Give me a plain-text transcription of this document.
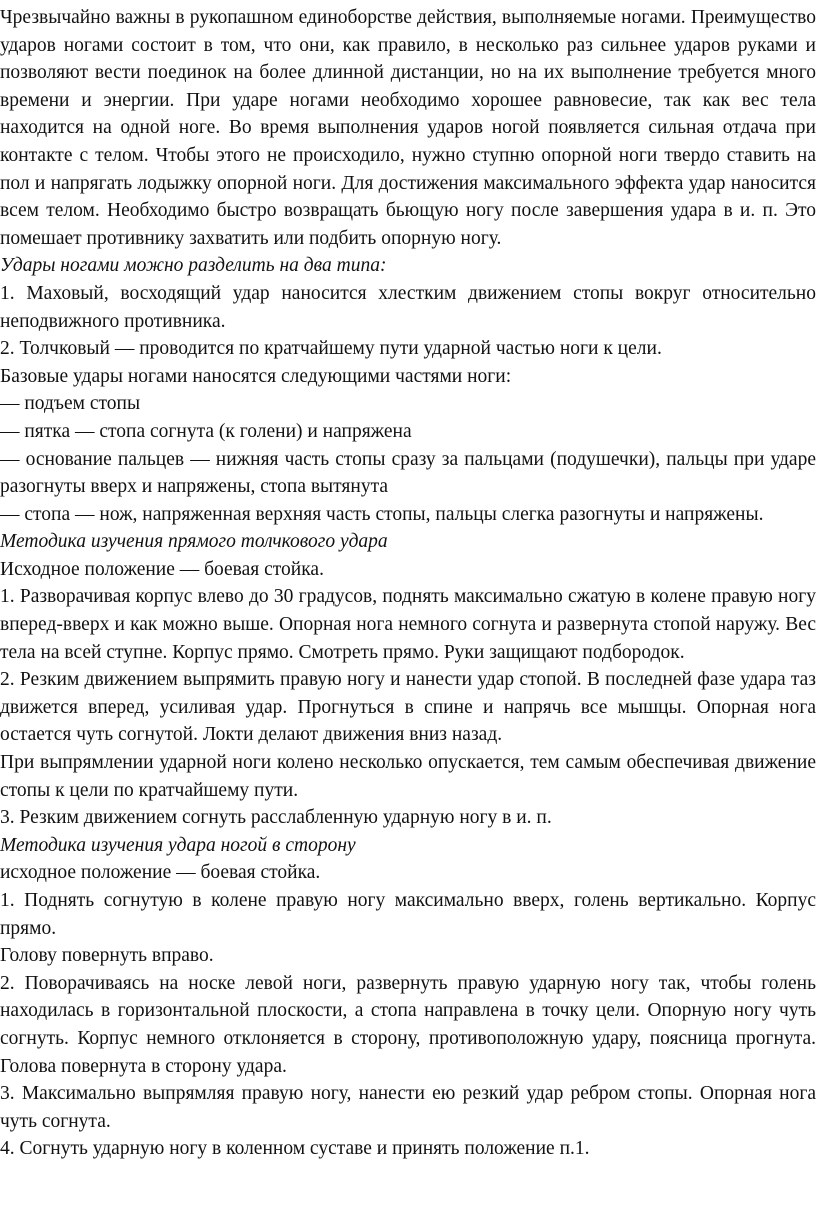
Чрезвычайно важны в рукопашном единоборстве действия, выполняемые ногами. Преимущество ударов ногами состоит в том, что они, как правило, в несколько раз сильнее ударов руками и позволяют вести поединок на более длинной дистанции, но на их выполнение требуется много времени и энергии. При ударе ногами необходимо хорошее равновесие, так как вес тела находится на одной ноге. Во время выполнения ударов ногой появляется сильная отдача при контакте с телом. Чтобы этого не происходило, нужно ступню опорной ноги твердо ставить на пол и напрягать лодыжку опорной ноги. Для достижения максимального эффекта удар наносится всем телом. Необходимо быстро возвращать бьющую ногу после завершения удара в и. п. Это помешает противнику захватить или подбить опорную ногу.

Удары ногами можно разделить на два типа:

1. Маховый, восходящий удар наносится хлестким движением стопы вокруг относительно неподвижного противника.

2. Толчковый — проводится по кратчайшему пути ударной частью ноги к цели.

Базовые удары ногами наносятся следующими частями ноги:

— подъем стопы

— пятка — стопа согнута (к голени) и напряжена

— основание пальцев — нижняя часть стопы сразу за пальцами (подушечки), пальцы при ударе разогнуты вверх и напряжены, стопа вытянута

— стопа — нож, напряженная верхняя часть стопы, пальцы слегка разогнуты и напряжены.

Методика изучения прямого толчкового удара

Исходное положение — боевая стойка.

1. Разворачивая корпус влево до 30 градусов, поднять максимально сжатую в колене правую ногу вперед-вверх и как можно выше. Опорная нога немного согнута и развернута стопой наружу. Вес тела на всей ступне. Корпус прямо. Смотреть прямо. Руки защищают подбородок.

2. Резким движением выпрямить правую ногу и нанести удар стопой. В последней фазе удара таз движется вперед, усиливая удар. Прогнуться в спине и напрячь все мышцы. Опорная нога остается чуть согнутой. Локти делают движения вниз назад.

При выпрямлении ударной ноги колено несколько опускается, тем самым обеспечивая движение стопы к цели по кратчайшему пути.

3. Резким движением согнуть расслабленную ударную ногу в и. п.

Методика изучения удара ногой в сторону

исходное положение — боевая стойка.

1. Поднять согнутую в колене правую ногу максимально вверх, голень вертикально. Корпус прямо.

Голову повернуть вправо.

2. Поворачиваясь на носке левой ноги, развернуть правую ударную ногу так, чтобы голень находилась в горизонтальной плоскости, а стопа направлена в точку цели. Опорную ногу чуть согнуть. Корпус немного отклоняется в сторону, противоположную удару, поясница прогнута. Голова повернута в сторону удара.

3. Максимально выпрямляя правую ногу, нанести ею резкий удар ребром стопы. Опорная нога чуть согнута.

4. Согнуть ударную ногу в коленном суставе и принять положение п.1.
